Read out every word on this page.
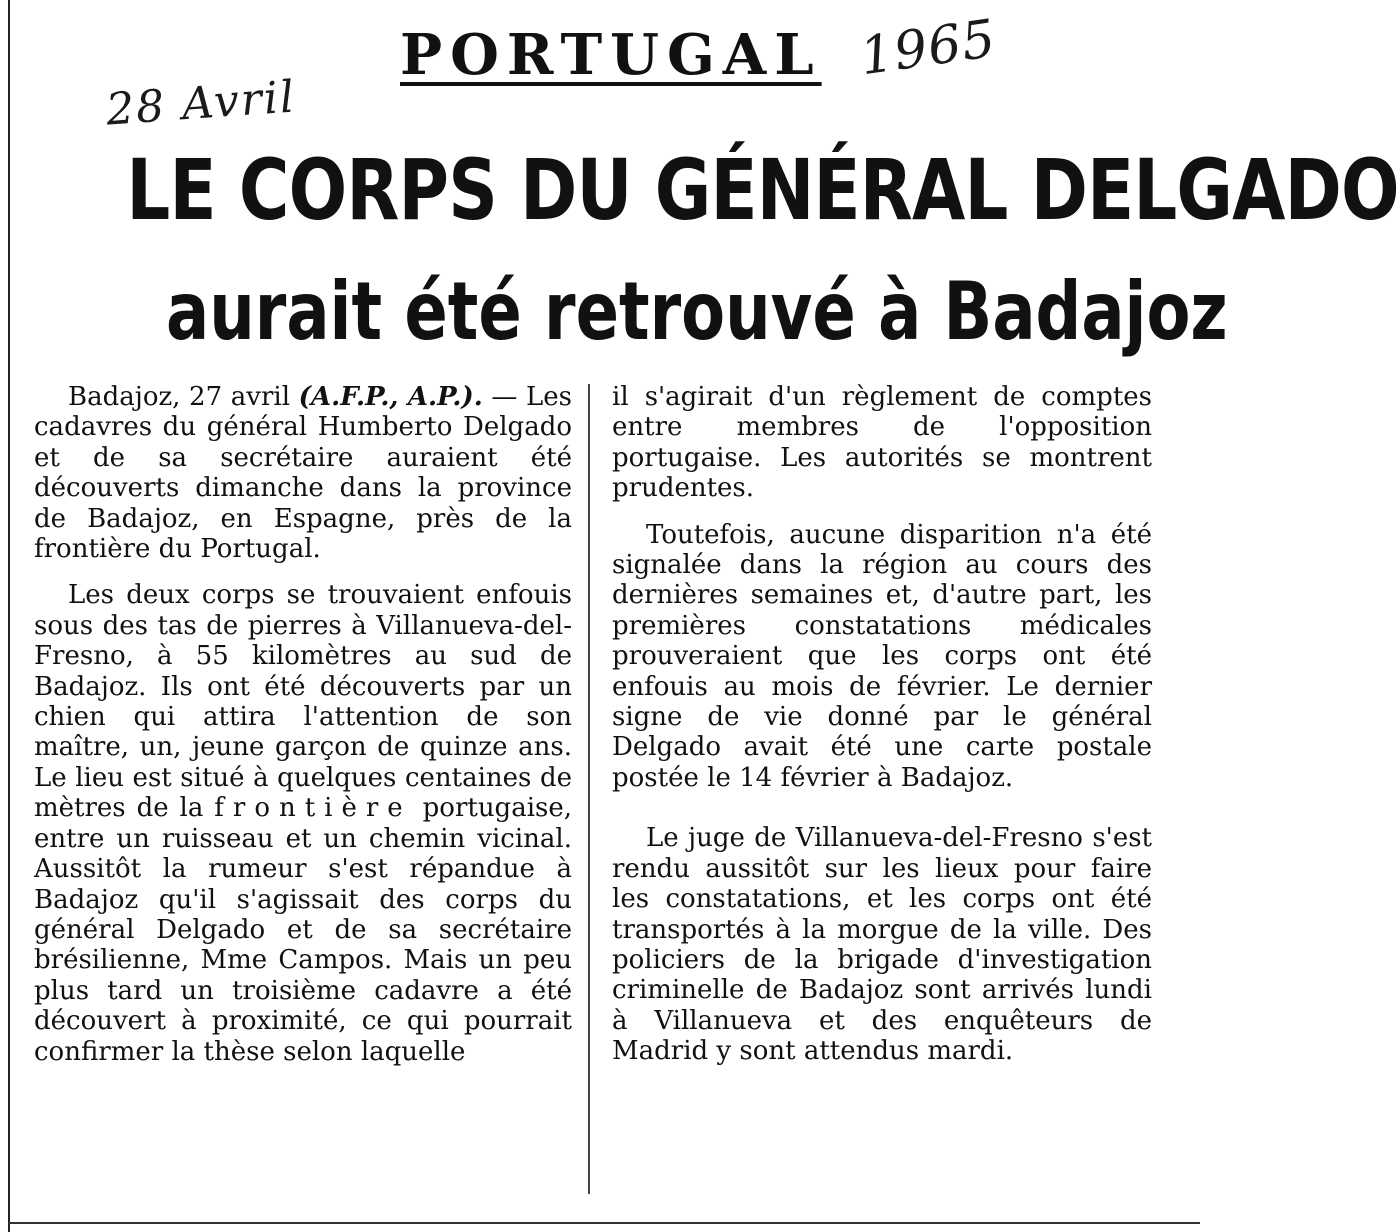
28 Avril
1965
PORTUGAL
LE CORPS DU GÉNÉRAL DELGADO
aurait été retrouvé à Badajoz

Badajoz, 27 avril (A.F.P., A.P.). — Les cadavres du général Humberto Delgado et de sa secrétaire auraient été découverts dimanche dans la province de Badajoz, en Espagne, près de la frontière du Portugal.

Les deux corps se trouvaient enfouis sous des tas de pierres à Villanueva-del-Fresno, à 55 kilomètres au sud de Badajoz. Ils ont été découverts par un chien qui attira l'attention de son maître, un, jeune garçon de quinze ans. Le lieu est situé à quelques centaines de mètres de la frontière portugaise, entre un ruisseau et un chemin vicinal. Aussitôt la rumeur s'est répandue à Badajoz qu'il s'agissait des corps du général Delgado et de sa secrétaire brésilienne, Mme Campos. Mais un peu plus tard un troisième cadavre a été découvert à proximité, ce qui pourrait confirmer la thèse selon laquelle

il s'agirait d'un règlement de comptes entre membres de l'opposition portugaise. Les autorités se montrent prudentes.

Toutefois, aucune disparition n'a été signalée dans la région au cours des dernières semaines et, d'autre part, les premières constatations médicales prouveraient que les corps ont été enfouis au mois de février. Le dernier signe de vie donné par le général Delgado avait été une carte postale postée le 14 février à Badajoz.

Le juge de Villanueva-del-Fresno s'est rendu aussitôt sur les lieux pour faire les constatations, et les corps ont été transportés à la morgue de la ville. Des policiers de la brigade d'investigation criminelle de Badajoz sont arrivés lundi à Villanueva et des enquêteurs de Madrid y sont attendus mardi.
